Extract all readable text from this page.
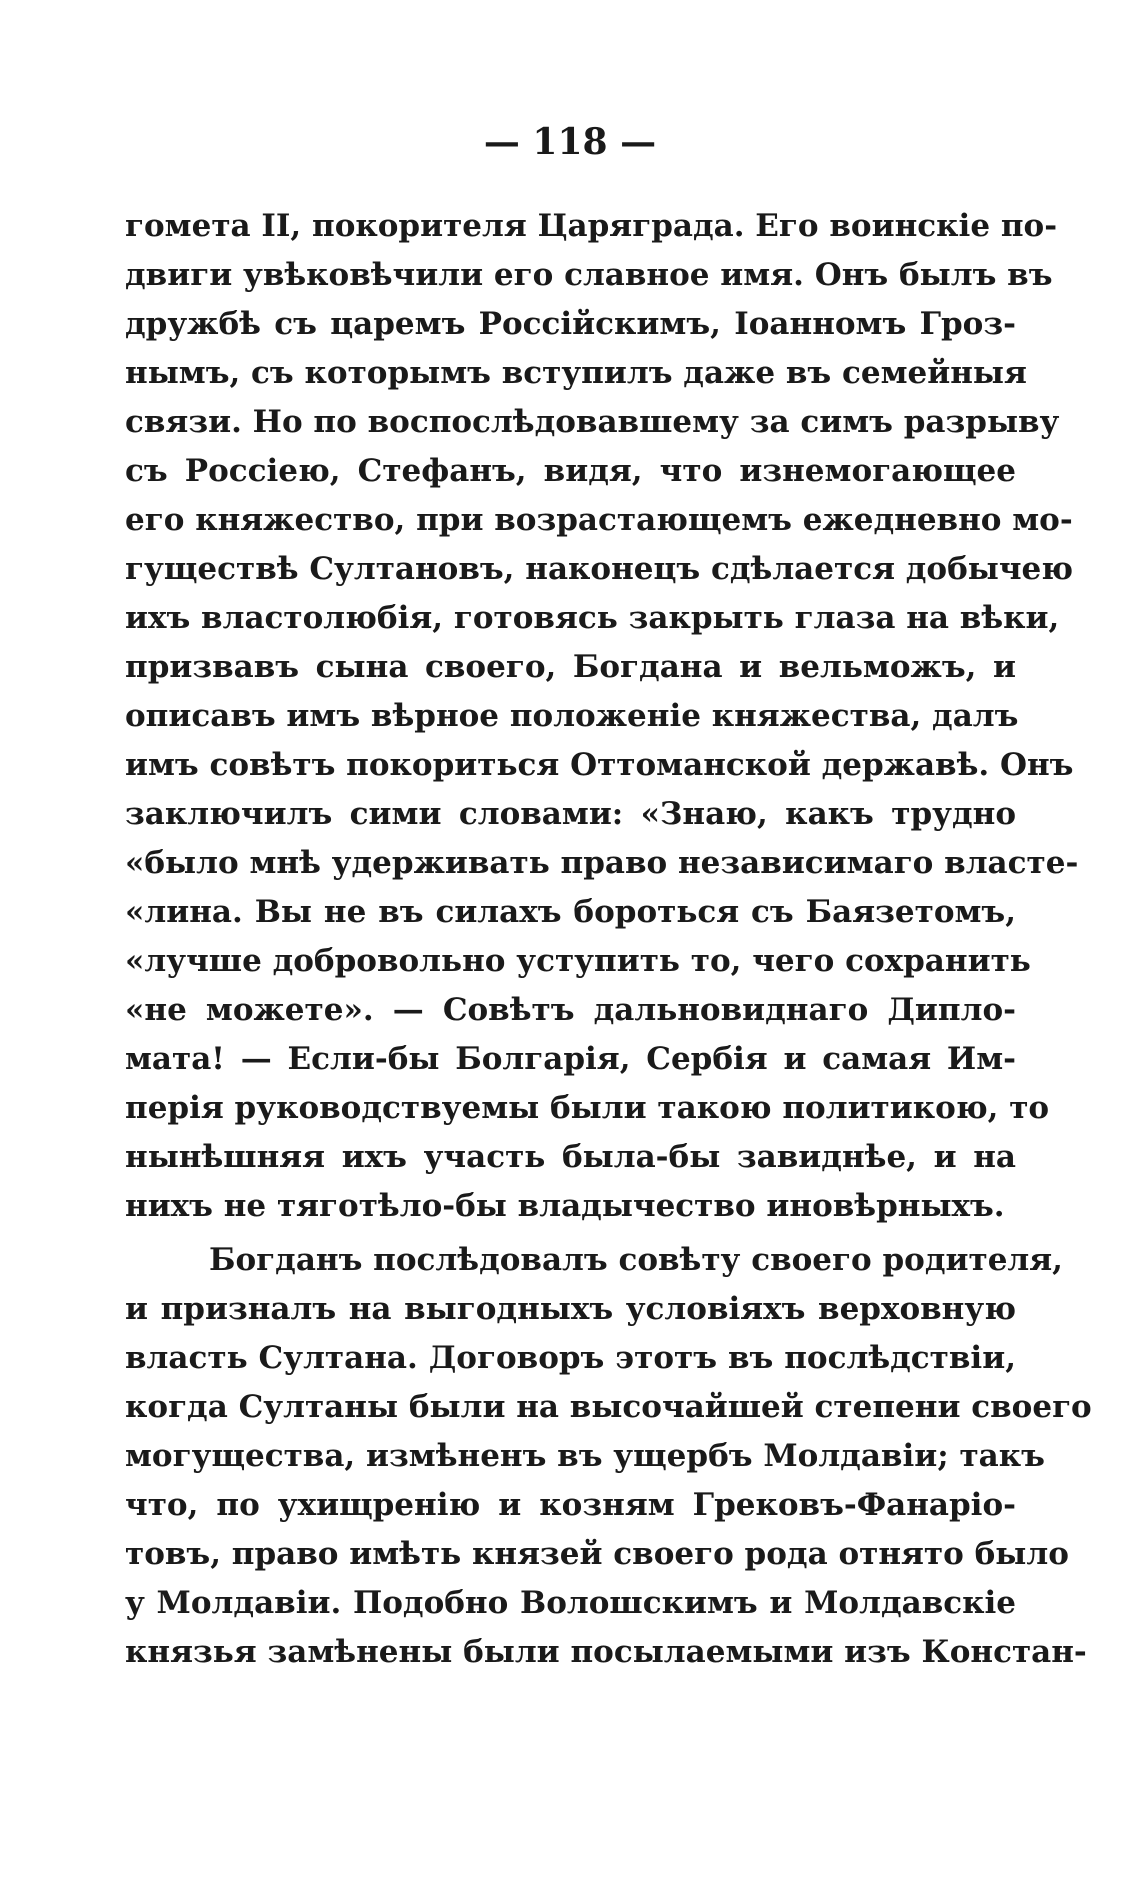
— 118 —
гомета II, покорителя Царяграда. Его воинскіе по-
двиги увѣковѣчили его славное имя. Онъ былъ въ
дружбѣ съ царемъ Россійскимъ, Іоанномъ Гроз-
нымъ, съ которымъ вступилъ даже въ семейныя
связи. Но по воспослѣдовавшему за симъ разрыву
съ Россіею, Стефанъ, видя, что изнемогающее
его княжество, при возрастающемъ ежедневно мо-
гуществѣ Султановъ, наконецъ сдѣлается добычею
ихъ властолюбія, готовясь закрыть глаза на вѣки,
призвавъ сына своего, Богдана и вельможъ, и
описавъ имъ вѣрное положеніе княжества, далъ
имъ совѣтъ покориться Оттоманской державѣ. Онъ
заключилъ сими словами: «Знаю, какъ трудно
«было мнѣ удерживать право независимаго власте-
«лина. Вы не въ силахъ бороться съ Баязетомъ,
«лучше добровольно уступить то, чего сохранить
«не можете». — Совѣтъ дальновиднаго Дипло-
мата! — Если-бы Болгарія, Сербія и самая Им-
перія руководствуемы были такою политикою, то
нынѣшняя ихъ участь была-бы завиднѣе, и на
нихъ не тяготѣло-бы владычество иновѣрныхъ.
Богданъ послѣдовалъ совѣту своего родителя,
и призналъ на выгодныхъ условіяхъ верховную
власть Султана. Договоръ этотъ въ послѣдствіи,
когда Султаны были на высочайшей степени своего
могущества, измѣненъ въ ущербъ Молдавіи; такъ
что, по ухищренію и козням Грековъ-Фанаріо-
товъ, право имѣть князей своего рода отнято было
у Молдавіи. Подобно Волошскимъ и Молдавскіе
князья замѣнены были посылаемыми изъ Констан-
